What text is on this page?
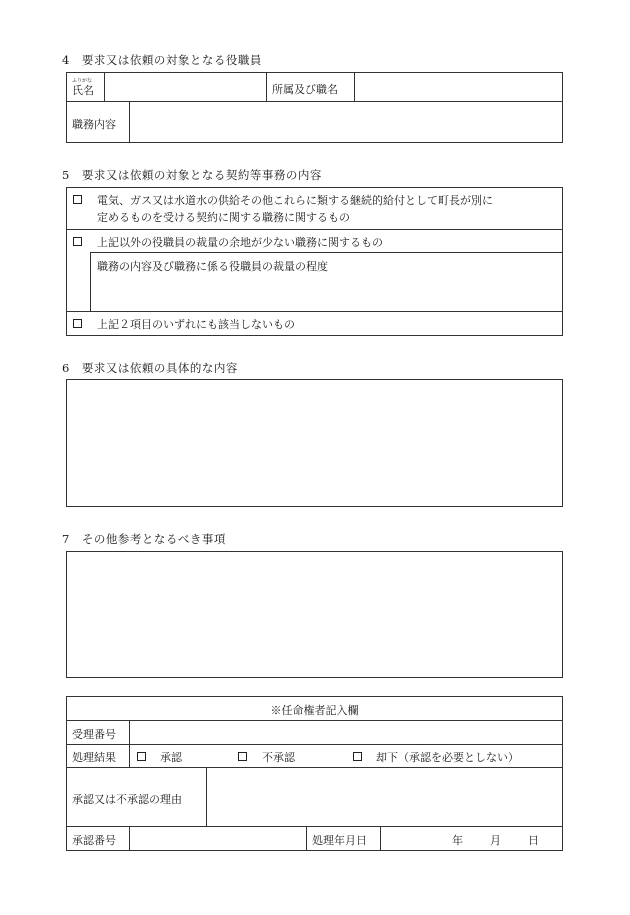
4　要求又は依頼の対象となる役職員
ふりがな
氏名	所属及び職名
職務内容
5　要求又は依頼の対象となる契約等事務の内容
電気、ガス又は水道水の供給その他これらに類する継続的給付として町長が別に
定めるものを受ける契約に関する職務に関するもの
上記以外の役職員の裁量の余地が少ない職務に関するもの
職務の内容及び職務に係る役職員の裁量の程度
上記２項目のいずれにも該当しないもの
6　要求又は依頼の具体的な内容
7　その他参考となるべき事項
※任命権者記入欄
受理番号
処理結果	承認	不承認	却下（承認を必要としない）
承認又は不承認の理由
承認番号	処理年月日	年 月 日
